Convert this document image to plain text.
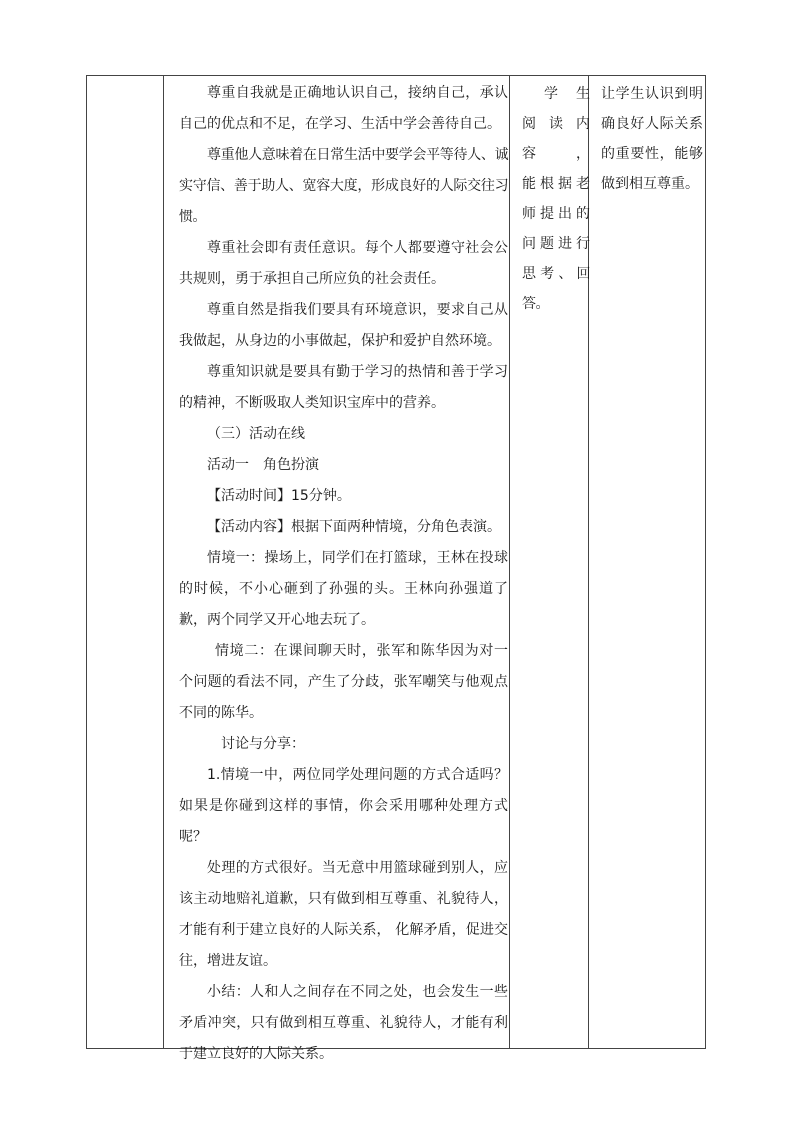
尊重自我就是正确地认识自己，接纳自己，承认自己的优点和不足，在学习、生活中学会善待自己。

尊重他人意味着在日常生活中要学会平等待人、诚实守信、善于助人、宽容大度，形成良好的人际交往习惯。

尊重社会即有责任意识。每个人都要遵守社会公共规则，勇于承担自己所应负的社会责任。

尊重自然是指我们要具有环境意识，要求自己从我做起，从身边的小事做起，保护和爱护自然环境。

尊重知识就是要具有勤于学习的热情和善于学习的精神，不断吸取人类知识宝库中的营养。

（三）活动在线

活动一　角色扮演

【活动时间】15分钟。

【活动内容】根据下面两种情境，分角色表演。

情境一：操场上，同学们在打篮球，王林在投球的时候，不小心砸到了孙强的头。王林向孙强道了歉，两个同学又开心地去玩了。

情境二：在课间聊天时，张军和陈华因为对一个问题的看法不同，产生了分歧，张军嘲笑与他观点不同的陈华。

讨论与分享：

1.情境一中，两位同学处理问题的方式合适吗？如果是你碰到这样的事情，你会采用哪种处理方式呢？

处理的方式很好。当无意中用篮球碰到别人，应该主动地赔礼道歉，只有做到相互尊重、礼貌待人，才能有利于建立良好的人际关系， 化解矛盾，促进交往，增进友谊。

小结：人和人之间存在不同之处，也会发生一些矛盾冲突，只有做到相互尊重、礼貌待人，才能有利于建立良好的人际关系。

学　生

阅读内容，

能根据老

师提出的

问题进行

思考、回答。

让学生认识到明确良好人际关系的重要性，能够做到相互尊重。
